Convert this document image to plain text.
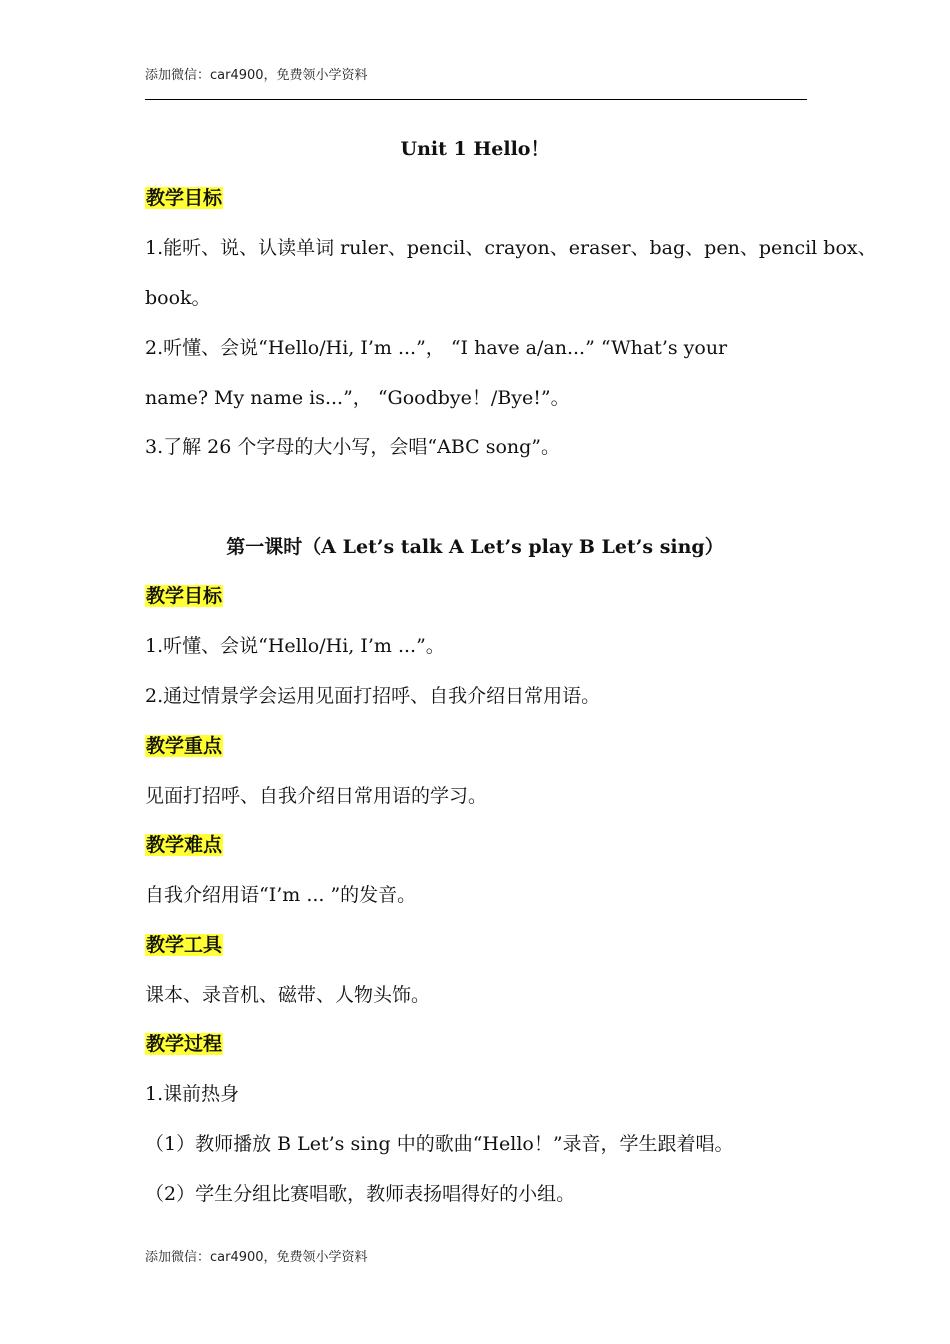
添加微信：car4900，免费领小学资料
Unit 1 Hello！
教学目标
1.能听、说、认读单词 ruler、pencil、crayon、eraser、bag、pen、pencil box、
book。
2.听懂、会说“Hello/Hi, I’m ...”， “I have a/an...” “What’s your
name? My name is...”， “Goodbye！/Bye!”。
3.了解 26 个字母的大小写，会唱“ABC song”。
第一课时（A Let’s talk A Let’s play B Let’s sing）
教学目标
1.听懂、会说“Hello/Hi, I’m ...”。
2.通过情景学会运用见面打招呼、自我介绍日常用语。
教学重点
见面打招呼、自我介绍日常用语的学习。
教学难点
自我介绍用语“I’m ... ”的发音。
教学工具
课本、录音机、磁带、人物头饰。
教学过程
1.课前热身
（1）教师播放 B Let’s sing 中的歌曲“Hello！”录音，学生跟着唱。
（2）学生分组比赛唱歌，教师表扬唱得好的小组。
添加微信：car4900，免费领小学资料
